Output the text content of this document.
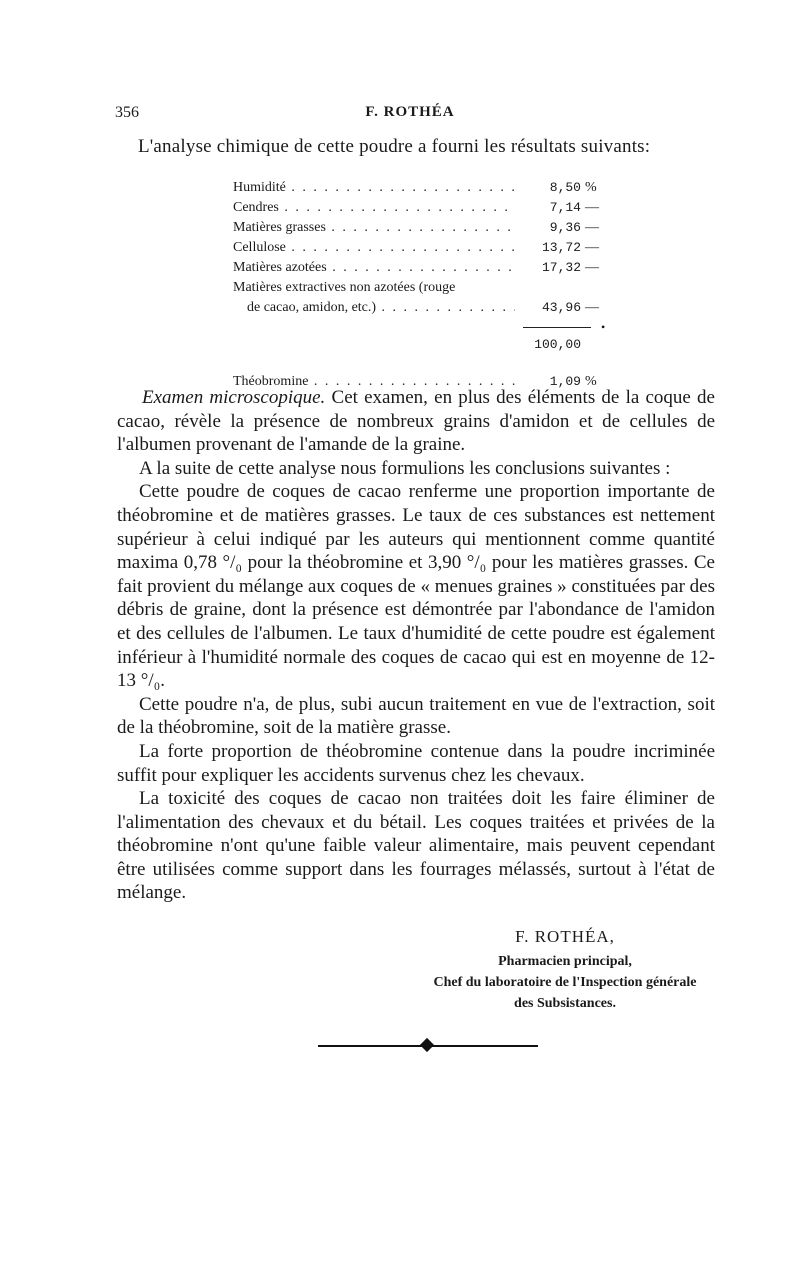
356	F. ROTHÉA
L'analyse chimique de cette poudre a fourni les résultats suivants:
Humidité . . .	8,50 %
Cendres . . .	7,14 —
Matières grasses . . .	9,36 —
Cellulose . . .	13,72 —
Matières azotées . . .	17,32 —
Matières extractives non azotées (rouge
de cacao, amidon, etc.) . . .	43,96 —
•
100,00
Théobromine . . .	1,09 %

Examen microscopique. Cet examen, en plus des éléments de la coque de cacao, révèle la présence de nombreux grains d'amidon et de cellules de l'albumen provenant de l'amande de la graine.

A la suite de cette analyse nous formulions les conclusions suivantes :

Cette poudre de coques de cacao renferme une proportion importante de théobromine et de matières grasses. Le taux de ces substances est nettement supérieur à celui indiqué par les auteurs qui mentionnent comme quantité maxima 0,78 °/₀ pour la théobromine et 3,90 °/₀ pour les matières grasses. Ce fait provient du mélange aux coques de « menues graines » constituées par des débris de graine, dont la présence est démontrée par l'abondance de l'amidon et des cellules de l'albumen. Le taux d'humidité de cette poudre est également inférieur à l'humidité normale des coques de cacao qui est en moyenne de 12-13 °/₀.

Cette poudre n'a, de plus, subi aucun traitement en vue de l'extraction, soit de la théobromine, soit de la matière grasse.

La forte proportion de théobromine contenue dans la poudre incriminée suffit pour expliquer les accidents survenus chez les chevaux.

La toxicité des coques de cacao non traitées doit les faire éliminer de l'alimentation des chevaux et du bétail. Les coques traitées et privées de la théobromine n'ont qu'une faible valeur alimentaire, mais peuvent cependant être utilisées comme support dans les fourrages mélassés, surtout à l'état de mélange.

F. ROTHÉA,
Pharmacien principal,
Chef du laboratoire de l'Inspection générale
des Subsistances.
